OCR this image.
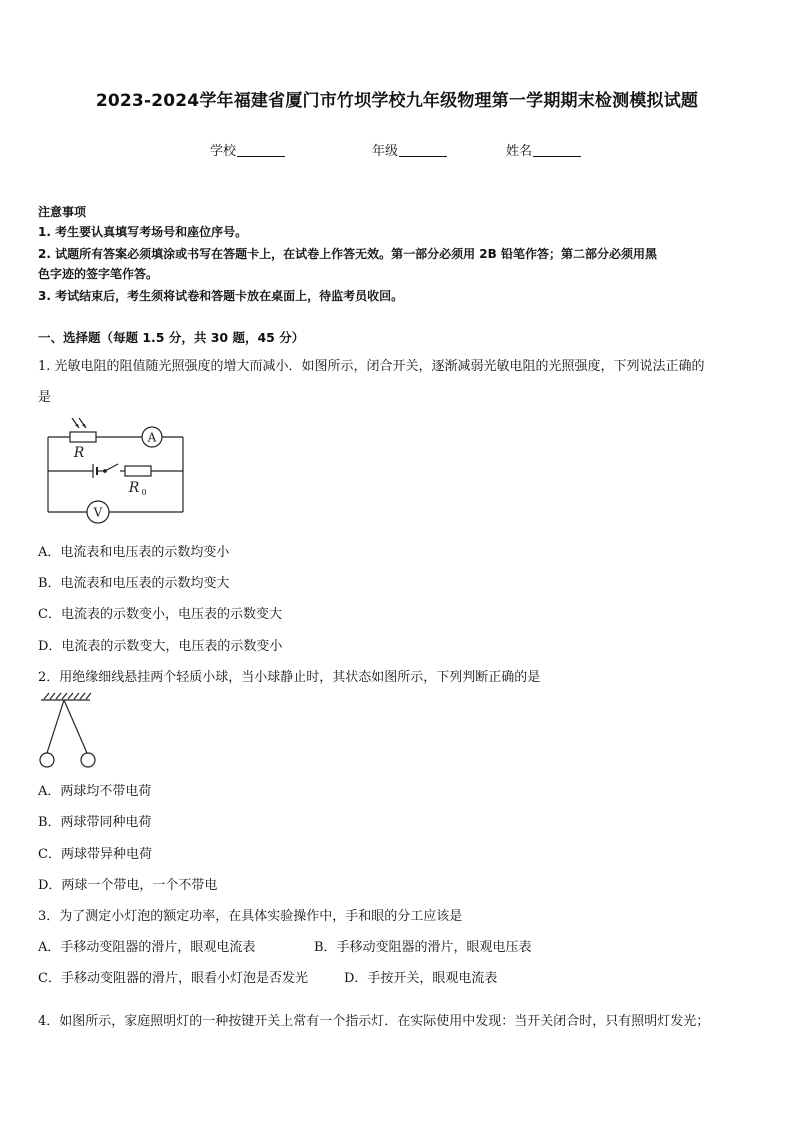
2023-2024学年福建省厦门市竹坝学校九年级物理第一学期期末检测模拟试题
学校	年级	姓名
注意事项
1. 考生要认真填写考场号和座位序号。
2. 试题所有答案必须填涂或书写在答题卡上，在试卷上作答无效。第一部分必须用 2B 铅笔作答；第二部分必须用黑
色字迹的签字笔作答。
3. 考试结束后，考生须将试卷和答题卡放在桌面上，待监考员收回。
一、选择题（每题 1.5 分，共 30 题，45 分）
1. 光敏电阻的阻值随光照强度的增大而减小．如图所示，闭合开关，逐渐减弱光敏电阻的光照强度，下列说法正确的
是
A
V
R
R 0
A．电流表和电压表的示数均变小
B．电流表和电压表的示数均变大
C．电流表的示数变小，电压表的示数变大
D．电流表的示数变大，电压表的示数变小
2．用绝缘细线悬挂两个轻质小球，当小球静止时，其状态如图所示，下列判断正确的是
A．两球均不带电荷
B．两球带同种电荷
C．两球带异种电荷
D．两球一个带电，一个不带电
3．为了测定小灯泡的额定功率，在具体实验操作中，手和眼的分工应该是
A．手移动变阻器的滑片，眼观电流表	B．手移动变阻器的滑片，眼观电压表
C．手移动变阻器的滑片，眼看小灯泡是否发光	D．手按开关，眼观电流表
4．如图所示，家庭照明灯的一种按键开关上常有一个指示灯．在实际使用中发现：当开关闭合时，只有照明灯发光；
